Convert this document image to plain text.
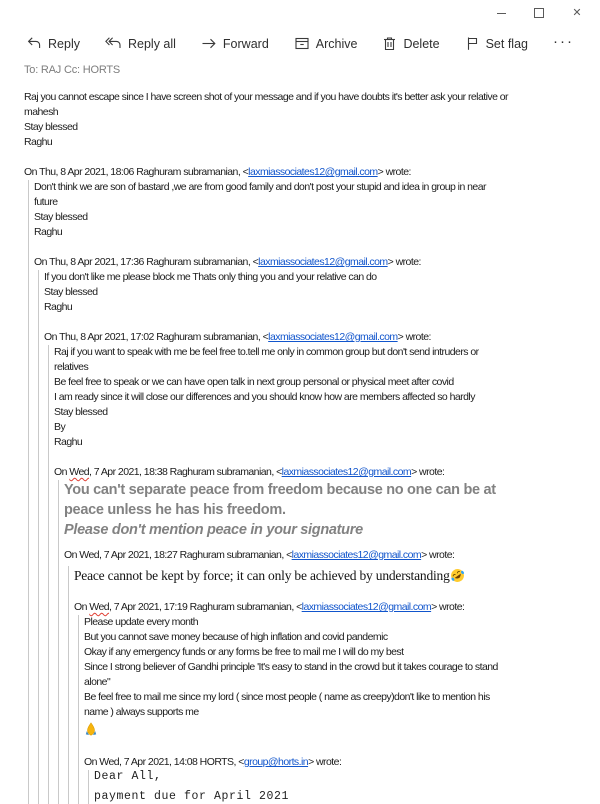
✕
Reply	Reply all	Forward	Archive	Delete	Set flag ···
To: RAJ Cc: HORTS
Raj you cannot escape since I have screen shot of your message and if you have doubts it's better ask your relative or
mahesh
Stay blessed
Raghu
On Thu, 8 Apr 2021, 18:06 Raghuram subramanian, <laxmiassociates12@gmail.com> wrote:
Don't think we are son of bastard ,we are from good family and don't post your stupid and idea in group in near
future
Stay blessed
Raghu
On Thu, 8 Apr 2021, 17:36 Raghuram subramanian, <laxmiassociates12@gmail.com> wrote:
If you don't like me please block me Thats only thing you and your relative can do
Stay blessed
Raghu
On Thu, 8 Apr 2021, 17:02 Raghuram subramanian, <laxmiassociates12@gmail.com> wrote:
Raj if you want to speak with me be feel free to.tell me only in common group but don't send intruders or
relatives
Be feel free to speak or we can have open talk in next group personal or physical meet after covid
I am ready since it will close our differences and you should know how are members affected so hardly
Stay blessed
By
Raghu
On Wed, 7 Apr 2021, 18:38 Raghuram subramanian, <laxmiassociates12@gmail.com> wrote:
You can't separate peace from freedom because no one can be at
peace unless he has his freedom.
Please don't mention peace in your signature
On Wed, 7 Apr 2021, 18:27 Raghuram subramanian, <laxmiassociates12@gmail.com> wrote:
Peace cannot be kept by force; it can only be achieved by understanding
On Wed, 7 Apr 2021, 17:19 Raghuram subramanian, <laxmiassociates12@gmail.com> wrote:
Please update every month
But you cannot save money because of high inflation and covid pandemic
Okay if any emergency funds or any forms be free to mail me I will do my best
Since I strong believer of Gandhi principle 'It's easy to stand in the crowd but it takes courage to stand
alone"
Be feel free to mail me since my lord ( since most people ( name as creepy)don't like to mention his
name ) always supports me
On Wed, 7 Apr 2021, 14:08 HORTS, <group@horts.in> wrote:
Dear All,
payment due for April 2021
